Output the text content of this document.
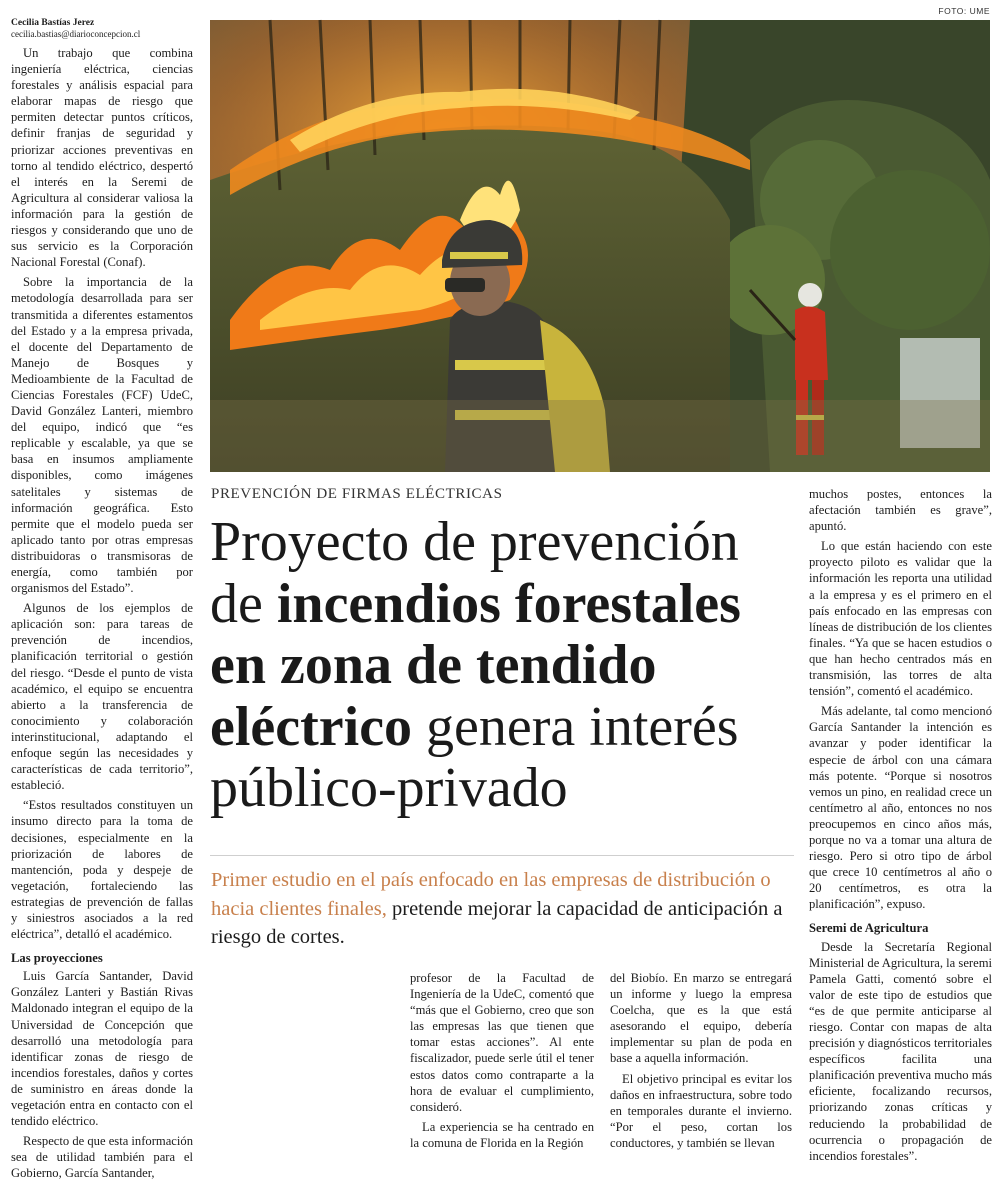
Cecilia Bastías Jerez
cecilia.bastias@diarioconcepcion.cl

Un trabajo que combina ingeniería eléctrica, ciencias forestales y análisis espacial para elaborar mapas de riesgo que permiten detectar puntos críticos, definir franjas de seguridad y priorizar acciones preventivas en torno al tendido eléctrico, despertó el interés en la Seremi de Agricultura al considerar valiosa la información para la gestión de riesgos y considerando que uno de sus servicio es la Corporación Nacional Forestal (Conaf).

Sobre la importancia de la metodología desarrollada para ser transmitida a diferentes estamentos del Estado y a la empresa privada, el docente del Departamento de Manejo de Bosques y Medioambiente de la Facultad de Ciencias Forestales (FCF) UdeC, David González Lanteri, miembro del equipo, indicó que “es replicable y escalable, ya que se basa en insumos ampliamente disponibles, como imágenes satelitales y sistemas de información geográfica. Esto permite que el modelo pueda ser aplicado tanto por otras empresas distribuidoras o transmisoras de energía, como también por organismos del Estado”.

Algunos de los ejemplos de aplicación son: para tareas de prevención de incendios, planificación territorial o gestión del riesgo. “Desde el punto de vista académico, el equipo se encuentra abierto a la transferencia de conocimiento y colaboración interinstitucional, adaptando el enfoque según las necesidades y características de cada territorio”, estableció.

“Estos resultados constituyen un insumo directo para la toma de decisiones, especialmente en la priorización de labores de mantención, poda y despeje de vegetación, fortaleciendo las estrategias de prevención de fallas y siniestros asociados a la red eléctrica”, detalló el académico.

Las proyecciones

Luis García Santander, David González Lanteri y Bastián Rivas Maldonado integran el equipo de la Universidad de Concepción que desarrolló una metodología para identificar zonas de riesgo de incendios forestales, daños y cortes de suministro en áreas donde la vegetación entra en contacto con el tendido eléctrico.

Respecto de que esta información sea de utilidad también para el Gobierno, García Santander,

FOTO: UME
PREVENCIÓN DE FIRMAS ELÉCTRICAS
Proyecto de prevención de incendios forestales en zona de tendido eléctrico genera interés público-privado
Primer estudio en el país enfocado en las empresas de distribución o hacia clientes finales, pretende mejorar la capacidad de anticipación a riesgo de cortes.

profesor de la Facultad de Ingeniería de la UdeC, comentó que “más que el Gobierno, creo que son las empresas las que tienen que tomar estas acciones”. Al ente fiscalizador, puede serle útil el tener estos datos como contraparte a la hora de evaluar el cumplimiento, consideró.

La experiencia se ha centrado en la comuna de Florida en la Región

del Biobío. En marzo se entregará un informe y luego la empresa Coelcha, que es la que está asesorando el equipo, debería implementar su plan de poda en base a aquella información.

El objetivo principal es evitar los daños en infraestructura, sobre todo en temporales durante el invierno. “Por el peso, cortan los conductores, y también se llevan

muchos postes, entonces la afectación también es grave”, apuntó.

Lo que están haciendo con este proyecto piloto es validar que la información les reporta una utilidad a la empresa y es el primero en el país enfocado en las empresas con líneas de distribución de los clientes finales. “Ya que se hacen estudios o que han hecho centrados más en transmisión, las torres de alta tensión”, comentó el académico.

Más adelante, tal como mencionó García Santander la intención es avanzar y poder identificar la especie de árbol con una cámara más potente. “Porque si nosotros vemos un pino, en realidad crece un centímetro al año, entonces no nos preocupemos en cinco años más, porque no va a tomar una altura de riesgo. Pero si otro tipo de árbol que crece 10 centímetros al año o 20 centímetros, es otra la planificación”, expuso.

Seremi de Agricultura

Desde la Secretaría Regional Ministerial de Agricultura, la seremi Pamela Gatti, comentó sobre el valor de este tipo de estudios que “es de que permite anticiparse al riesgo. Contar con mapas de alta precisión y diagnósticos territoriales específicos facilita una planificación preventiva mucho más eficiente, focalizando recursos, priorizando zonas críticas y reduciendo la probabilidad de ocurrencia o propagación de incendios forestales”.
